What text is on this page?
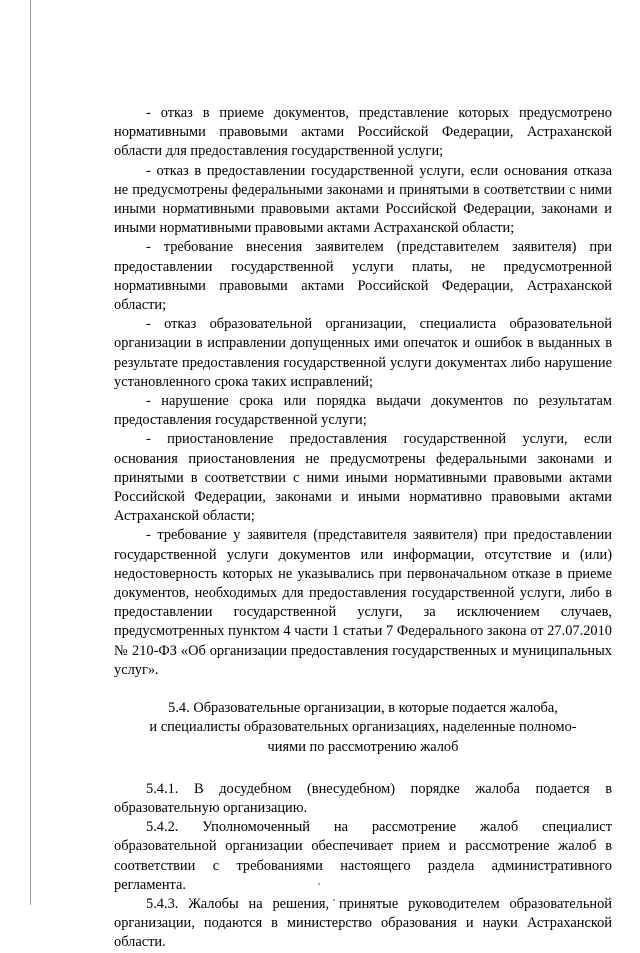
- отказ в приеме документов, представление которых предусмотрено нормативными правовыми актами Российской Федерации, Астраханской области для предоставления государственной услуги;

- отказ в предоставлении государственной услуги, если основания отказа не предусмотрены федеральными законами и принятыми в соответствии с ними иными нормативными правовыми актами Российской Федерации, законами и иными нормативными правовыми актами Астраханской области;

- требование внесения заявителем (представителем заявителя) при предоставлении государственной услуги платы, не предусмотренной нормативными правовыми актами Российской Федерации, Астраханской области;

- отказ образовательной организации, специалиста образовательной организации в исправлении допущенных ими опечаток и ошибок в выданных в результате предоставления государственной услуги документах либо нарушение установленного срока таких исправлений;

- нарушение срока или порядка выдачи документов по результатам предоставления государственной услуги;

- приостановление предоставления государственной услуги, если основания приостановления не предусмотрены федеральными законами и принятыми в соответствии с ними иными нормативными правовыми актами Российской Федерации, законами и иными нормативно правовыми актами Астраханской области;

- требование у заявителя (представителя заявителя) при предоставлении государственной услуги документов или информации, отсутствие и (или) недостоверность которых не указывались при первоначальном отказе в приеме документов, необходимых для предоставления государственной услуги, либо в предоставлении государственной услуги, за исключением случаев, предусмотренных пунктом 4 части 1 статьи 7 Федерального закона от 27.07.2010 № 210-ФЗ «Об организации предоставления государственных и муниципальных услуг».

5.4. Образовательные организации, в которые подается жалоба,
и специалисты образовательных организациях, наделенные полномо-
чиями по рассмотрению жалоб

5.4.1. В досудебном (внесудебном) порядке жалоба подается в образовательную организацию.

5.4.2. Уполномоченный на рассмотрение жалоб специалист образовательной организации обеспечивает прием и рассмотрение жалоб в соответствии с требованиями настоящего раздела административного регламента.

5.4.3. Жалобы на решения, принятые руководителем образовательной организации, подаются в министерство образования и науки Астраханской области.
